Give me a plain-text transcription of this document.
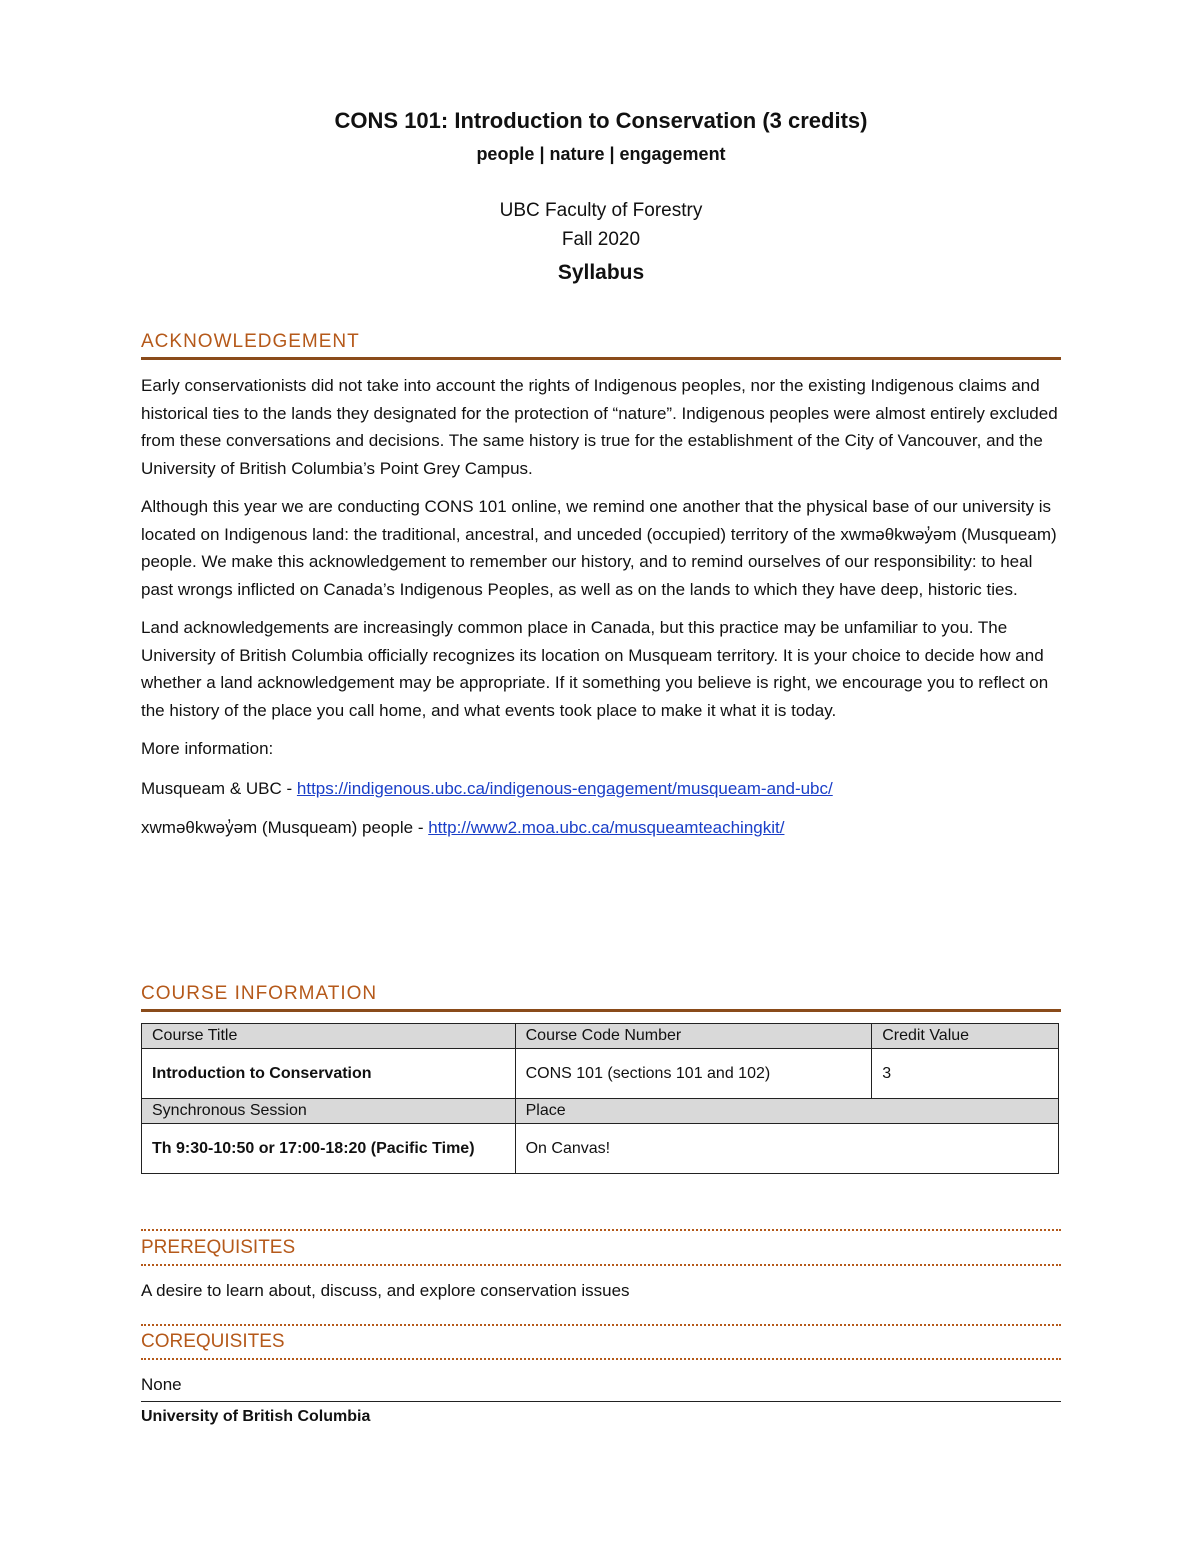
CONS 101: Introduction to Conservation (3 credits)
people | nature | engagement
UBC Faculty of Forestry
Fall 2020
Syllabus
ACKNOWLEDGEMENT

Early conservationists did not take into account the rights of Indigenous peoples, nor the existing Indigenous claims and historical ties to the lands they designated for the protection of “nature”. Indigenous peoples were almost entirely excluded from these conversations and decisions. The same history is true for the establishment of the City of Vancouver, and the University of British Columbia’s Point Grey Campus.

Although this year we are conducting CONS 101 online, we remind one another that the physical base of our university is located on Indigenous land: the traditional, ancestral, and unceded (occupied) territory of the xwməθkwəy̓əm (Musqueam) people. We make this acknowledgement to remember our history, and to remind ourselves of our responsibility: to heal past wrongs inflicted on Canada’s Indigenous Peoples, as well as on the lands to which they have deep, historic ties.

Land acknowledgements are increasingly common place in Canada, but this practice may be unfamiliar to you. The University of British Columbia officially recognizes its location on Musqueam territory. It is your choice to decide how and whether a land acknowledgement may be appropriate. If it something you believe is right, we encourage you to reflect on the history of the place you call home, and what events took place to make it what it is today.

More information:

Musqueam & UBC - https://indigenous.ubc.ca/indigenous-engagement/musqueam-and-ubc/

xwməθkwəy̓əm (Musqueam) people - http://www2.moa.ubc.ca/musqueamteachingkit/

COURSE INFORMATION
Course Title	Course Code Number	Credit Value
Introduction to Conservation	CONS 101 (sections 101 and 102)	3
Synchronous Session	Place	
Th 9:30-10:50 or 17:00-18:20 (Pacific Time)	On Canvas!	
PREREQUISITES
A desire to learn about, discuss, and explore conservation issues
COREQUISITES
None
University of British Columbia
